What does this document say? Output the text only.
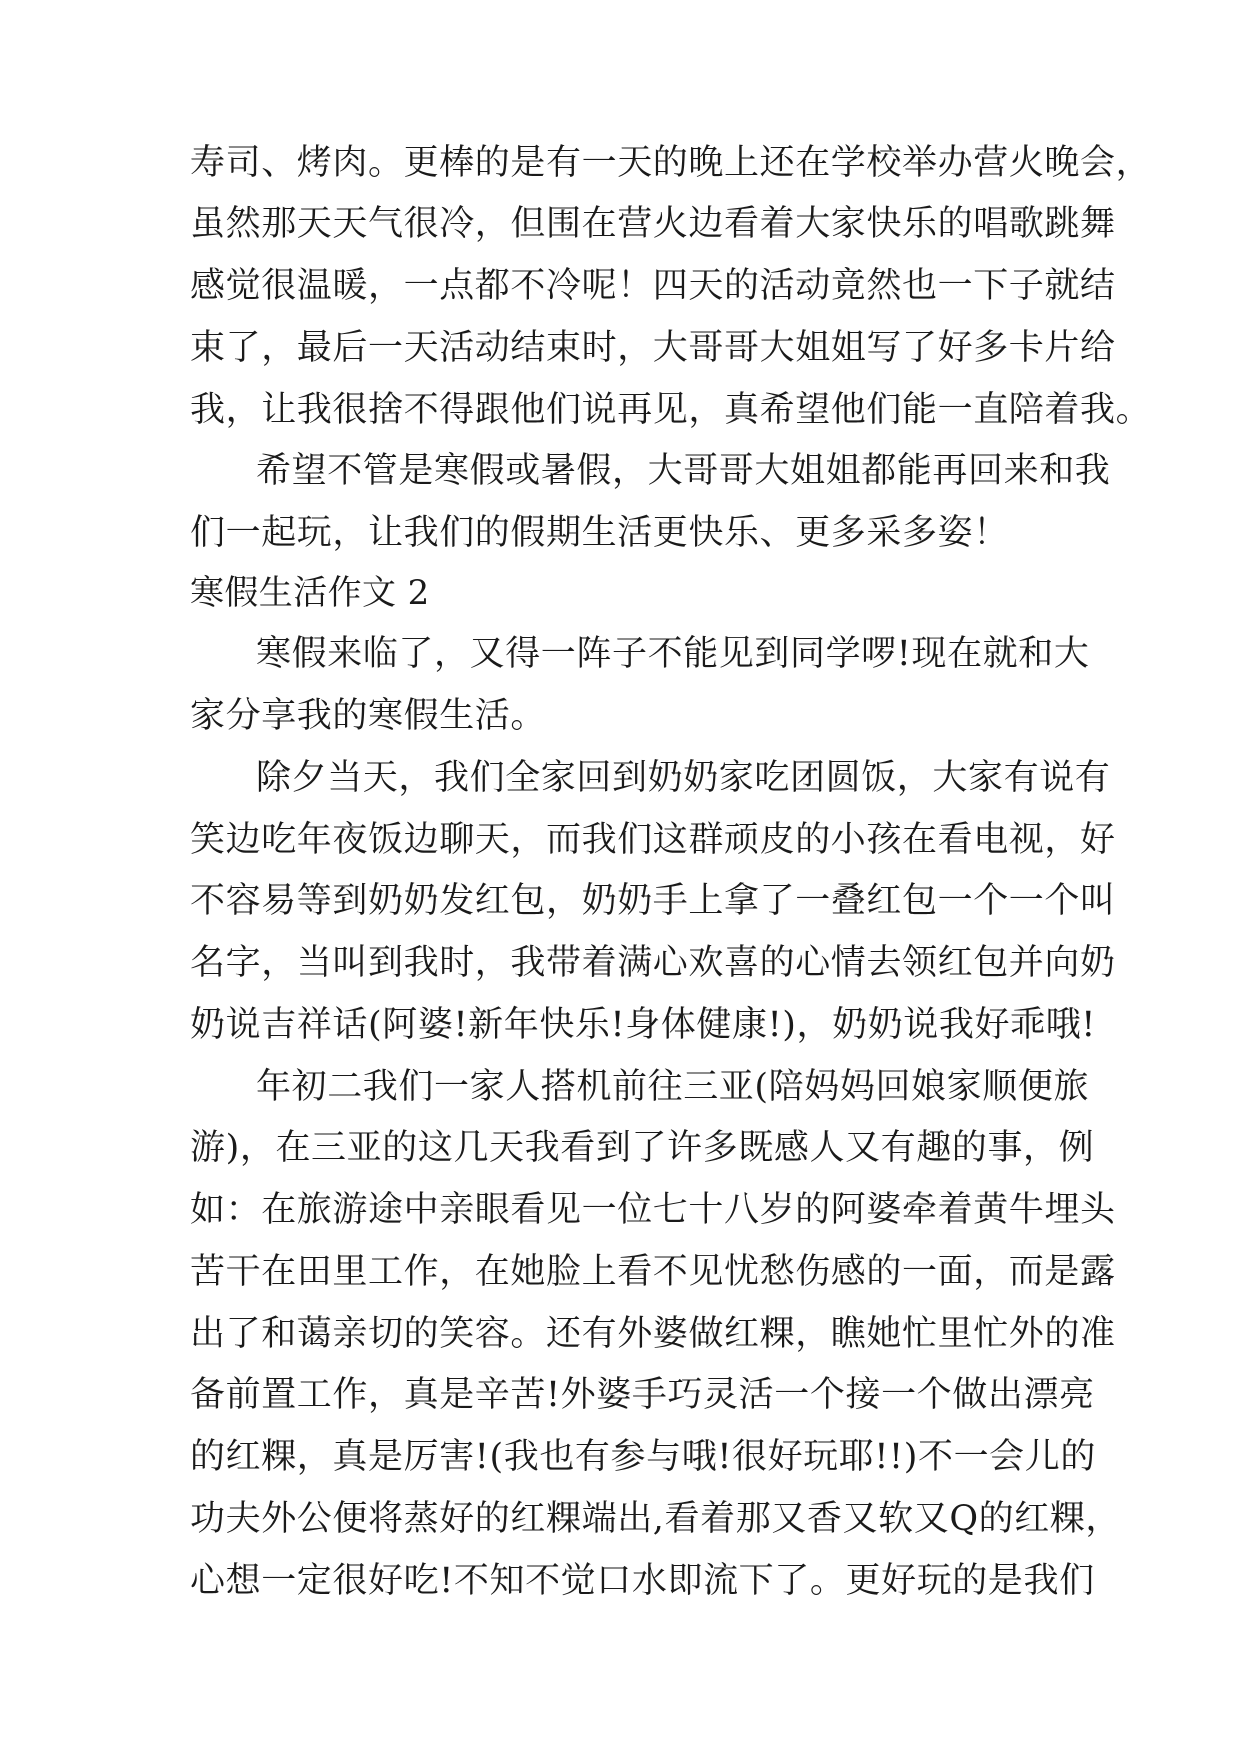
寿司、烤肉。更棒的是有一天的晚上还在学校举办营火晚会，
虽然那天天气很冷，但围在营火边看着大家快乐的唱歌跳舞
感觉很温暖，一点都不冷呢！四天的活动竟然也一下子就结
束了，最后一天活动结束时，大哥哥大姐姐写了好多卡片给
我，让我很捨不得跟他们说再见，真希望他们能一直陪着我。
希望不管是寒假或暑假，大哥哥大姐姐都能再回来和我
们一起玩，让我们的假期生活更快乐、更多采多姿！
寒假生活作文 2
寒假来临了，又得一阵子不能见到同学啰!现在就和大
家分享我的寒假生活。
除夕当天，我们全家回到奶奶家吃团圆饭，大家有说有
笑边吃年夜饭边聊天，而我们这群顽皮的小孩在看电视，好
不容易等到奶奶发红包，奶奶手上拿了一叠红包一个一个叫
名字，当叫到我时，我带着满心欢喜的心情去领红包并向奶
奶说吉祥话(阿婆!新年快乐!身体健康!)，奶奶说我好乖哦!
年初二我们一家人搭机前往三亚(陪妈妈回娘家顺便旅
游)，在三亚的这几天我看到了许多既感人又有趣的事，例
如：在旅游途中亲眼看见一位七十八岁的阿婆牵着黄牛埋头
苦干在田里工作，在她脸上看不见忧愁伤感的一面，而是露
出了和蔼亲切的笑容。还有外婆做红粿，瞧她忙里忙外的准
备前置工作，真是辛苦!外婆手巧灵活一个接一个做出漂亮
的红粿，真是厉害!(我也有参与哦!很好玩耶!!)不一会儿的
功夫外公便将蒸好的红粿端出,看着那又香又软又Q的红粿，
心想一定很好吃!不知不觉口水即流下了。更好玩的是我们
